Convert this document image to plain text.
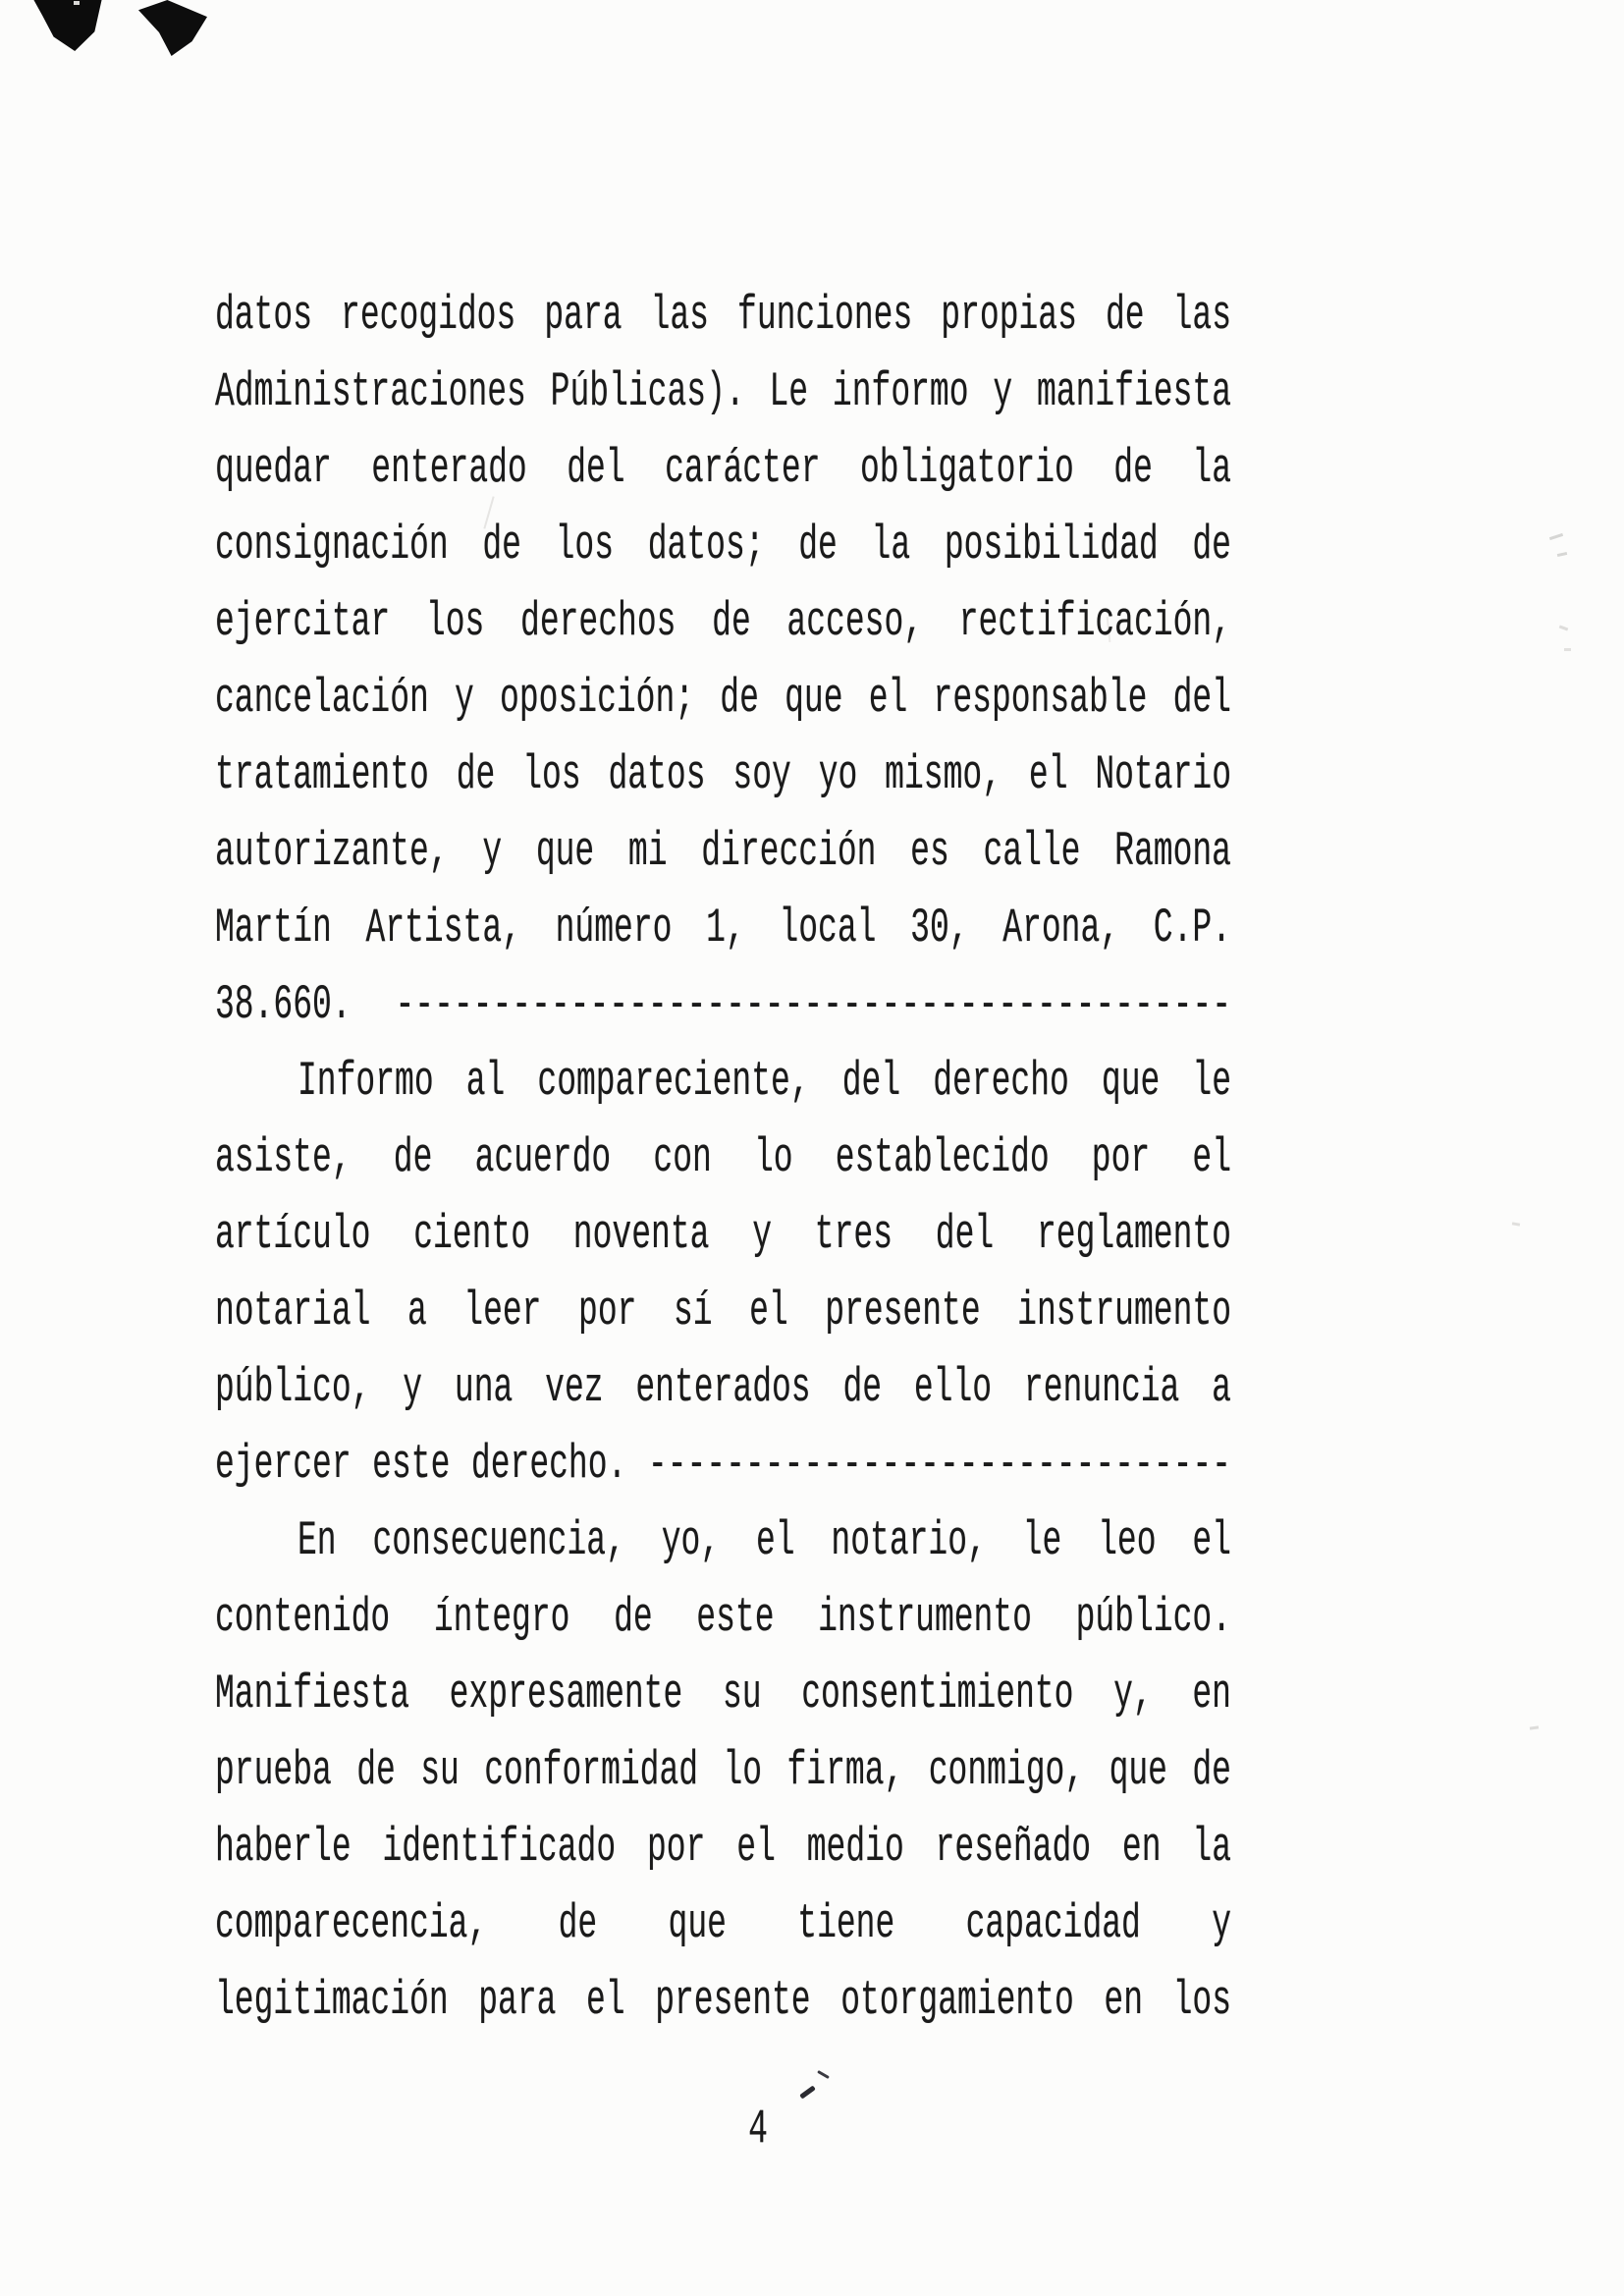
datos recogidos para las funciones propias de las
Administraciones Públicas). Le informo y manifiesta
quedar enterado del carácter obligatorio de la
consignación de los datos; de la posibilidad de
ejercitar los derechos de acceso, rectificación,
cancelación y oposición; de que el responsable del
tratamiento de los datos soy yo mismo, el Notario
autorizante, y que mi dirección es calle Ramona
Martín Artista, número 1, local 30, Arona, C.P.
38.660. -------------------------------------------
Informo al compareciente, del derecho que le
asiste, de acuerdo con lo establecido por el
artículo ciento noventa y tres del reglamento
notarial a leer por sí el presente instrumento
público, y una vez enterados de ello renuncia a
ejercer este derecho. ------------------------------
En consecuencia, yo, el notario, le leo el
contenido íntegro de este instrumento público.
Manifiesta expresamente su consentimiento y, en
prueba de su conformidad lo firma, conmigo, que de
haberle identificado por el medio reseñado en la
comparecencia, de que tiene capacidad y
legitimación para el presente otorgamiento en los
4
